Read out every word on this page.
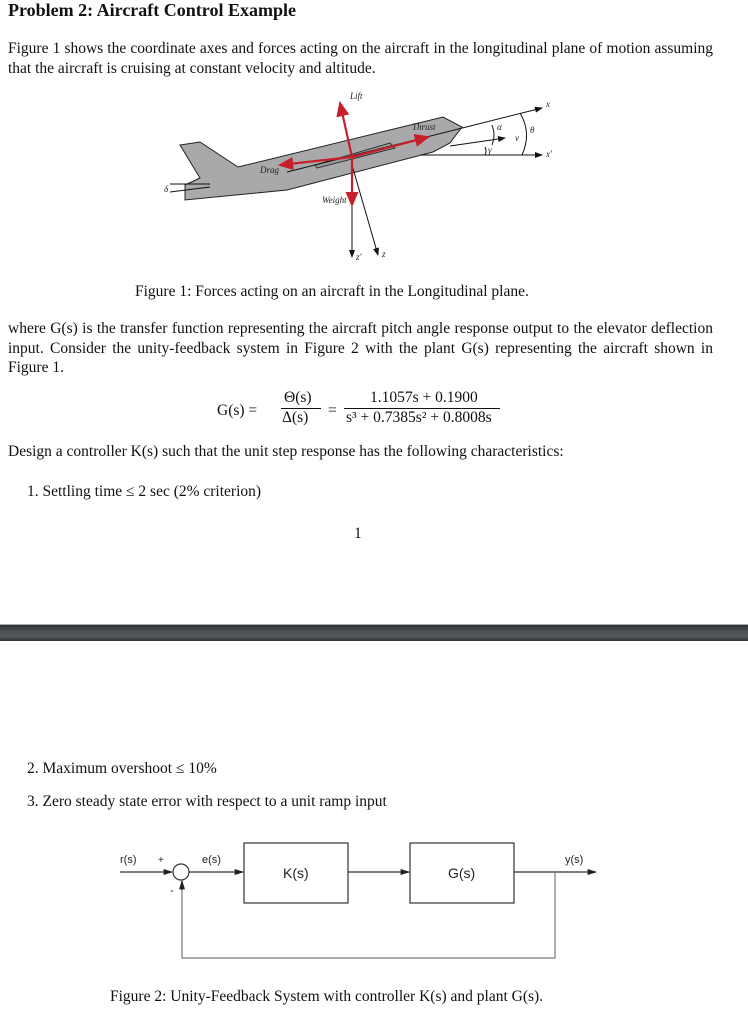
Problem 2: Aircraft Control Example
Figure 1 shows the coordinate axes and forces acting on the aircraft in the longitudinal plane of motion assuming that the aircraft is cruising at constant velocity and altitude.
Lift
Thrust
Drag
Weight
x
x'
z' z
α
γ
θ
v
δ
Figure 1: Forces acting on an aircraft in the Longitudinal plane.
where G(s) is the transfer function representing the aircraft pitch angle response output to the elevator deflection input. Consider the unity-feedback system in Figure 2 with the plant G(s) representing the aircraft shown in Figure 1.
G(s) =
Θ(s)
Δ(s) =
1.1057s + 0.1900
s³ + 0.7385s² + 0.8008s
Design a controller K(s) such that the unit step response has the following characteristics:
1. Settling time ≤ 2 sec (2% criterion)
1
2. Maximum overshoot ≤ 10%
3. Zero steady state error with respect to a unit ramp input
r(s) +
-
e(s)
K(s)	G(s)
y(s)
Figure 2: Unity-Feedback System with controller K(s) and plant G(s).
